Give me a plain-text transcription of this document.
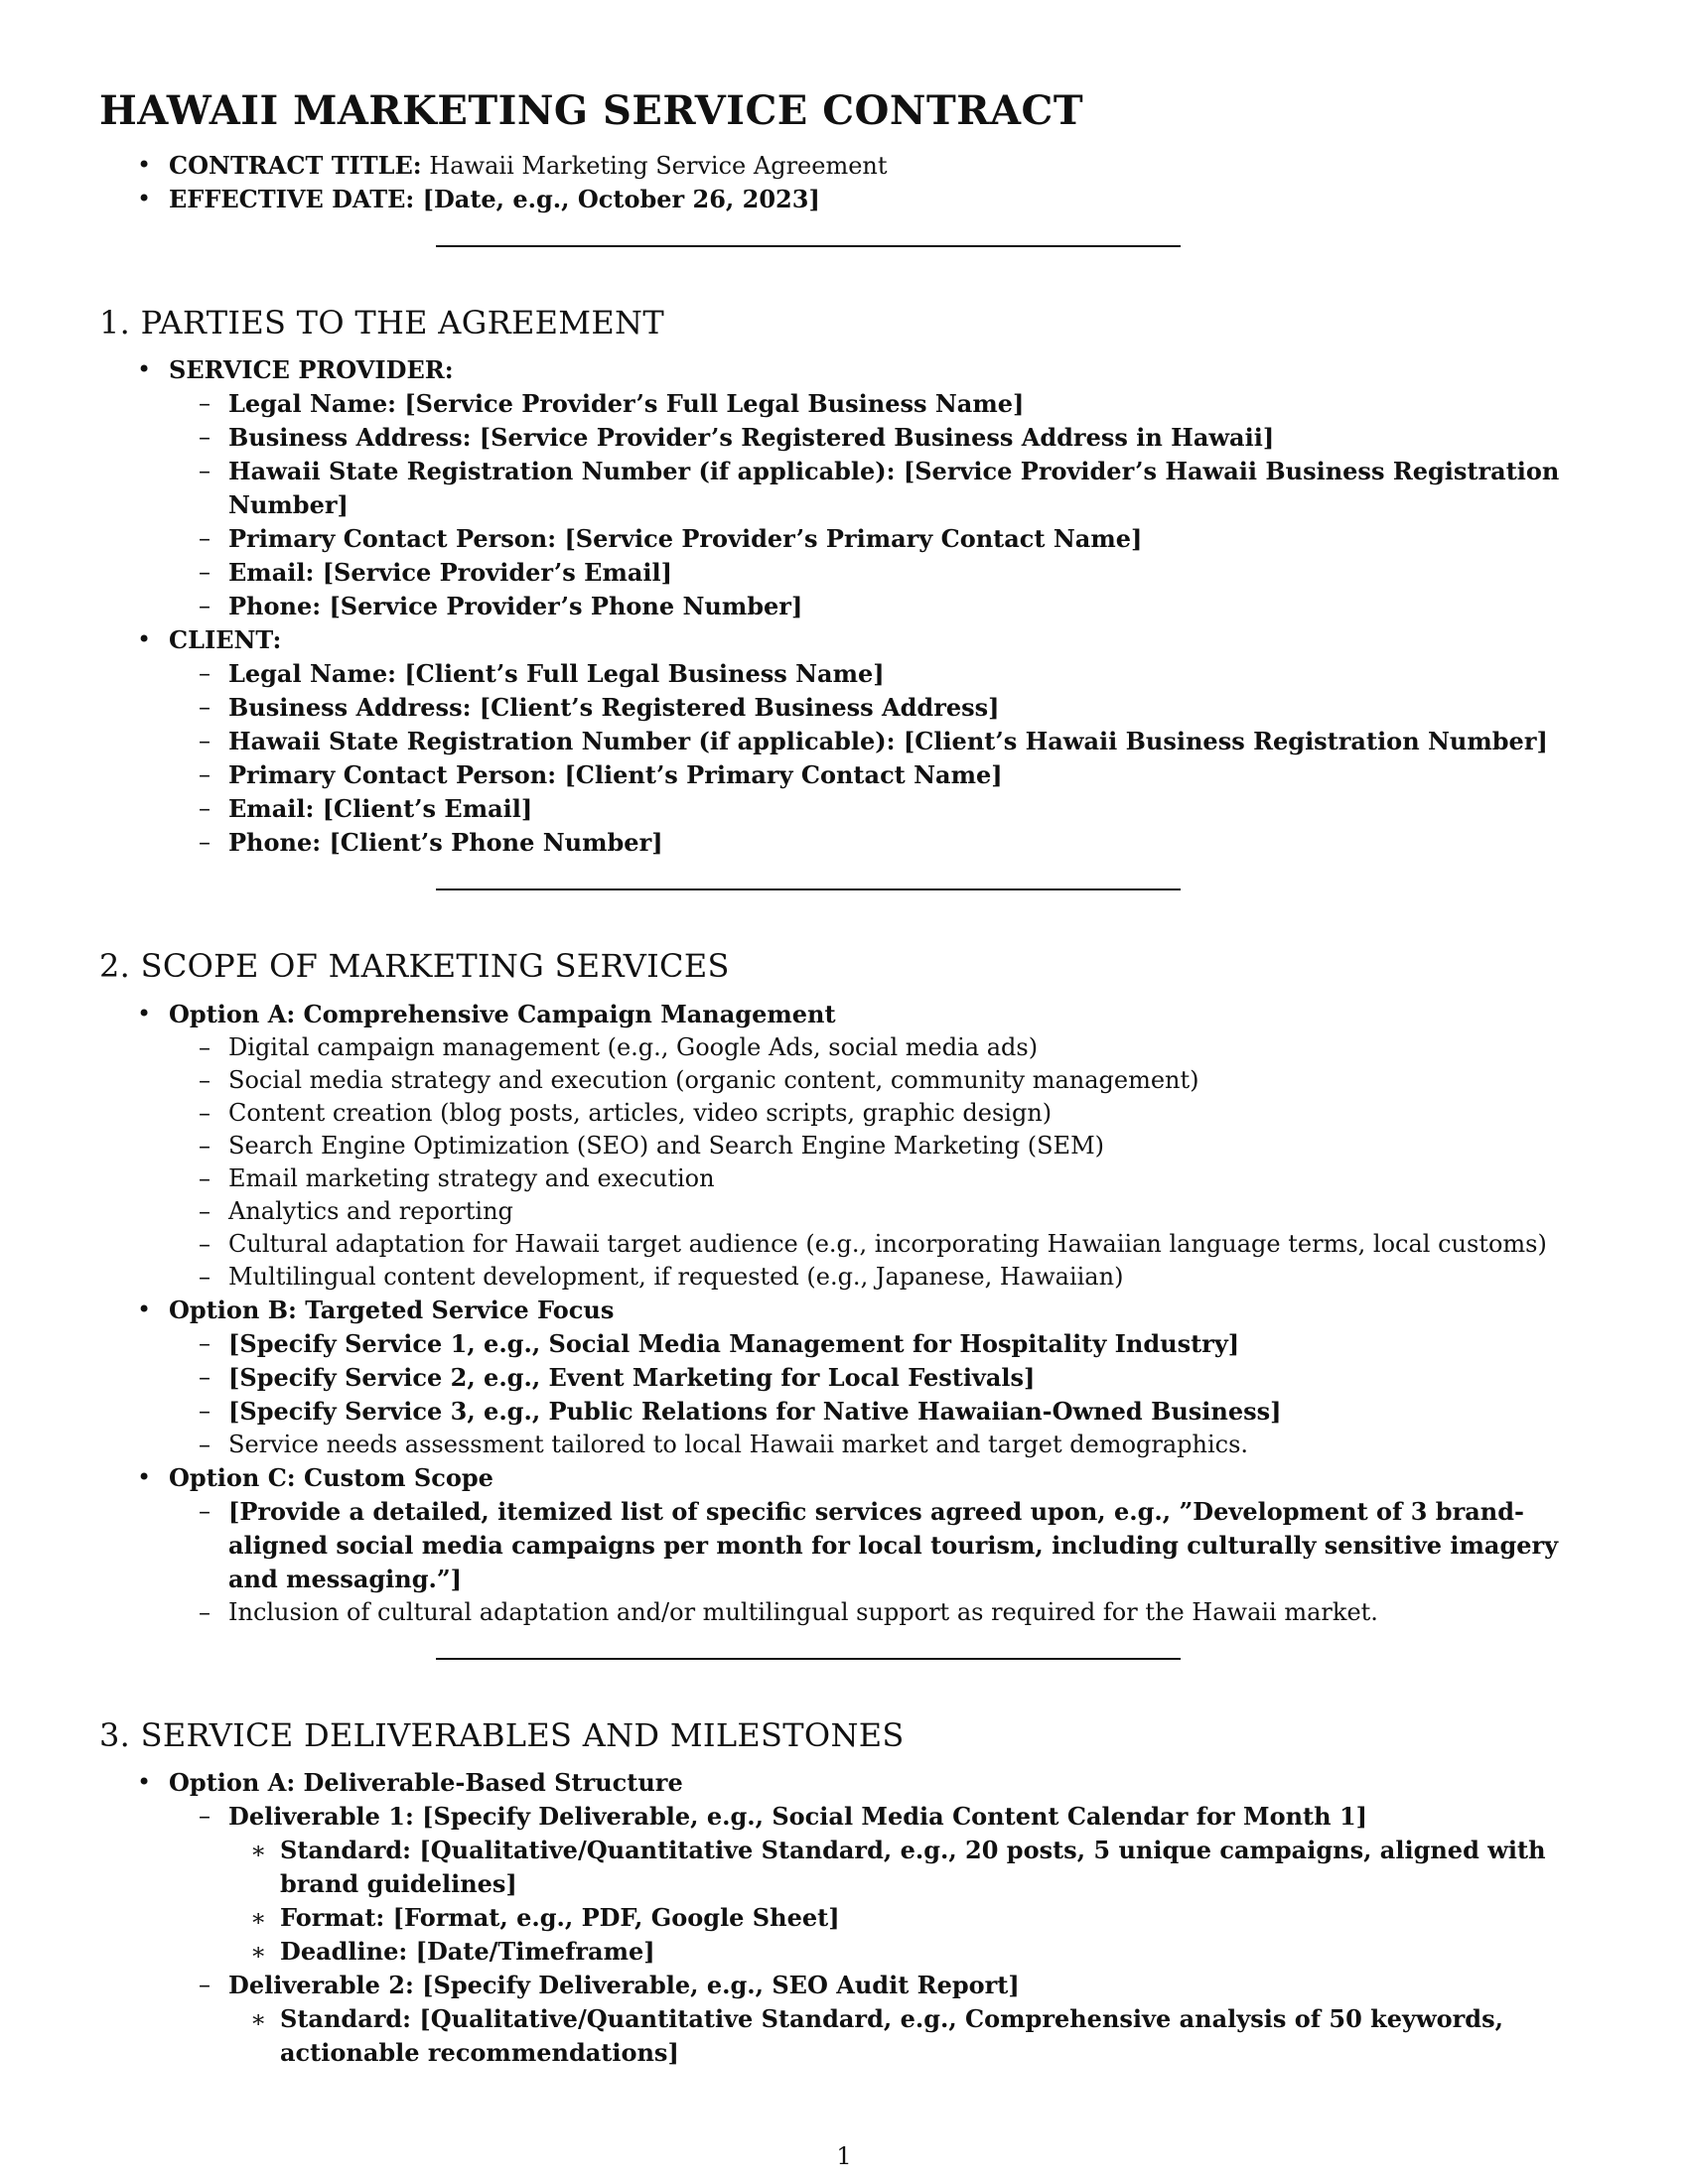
HAWAII MARKETING SERVICE CONTRACT
• CONTRACT TITLE: Hawaii Marketing Service Agreement
• EFFECTIVE DATE: [Date, e.g., October 26, 2023]
1. PARTIES TO THE AGREEMENT
• SERVICE PROVIDER:
– Legal Name: [Service Provider’s Full Legal Business Name]
– Business Address: [Service Provider’s Registered Business Address in Hawaii]
– Hawaii State Registration Number (if applicable): [Service Provider’s Hawaii Business Registration Number]
– Primary Contact Person: [Service Provider’s Primary Contact Name]
– Email: [Service Provider’s Email]
– Phone: [Service Provider’s Phone Number]
• CLIENT:
– Legal Name: [Client’s Full Legal Business Name]
– Business Address: [Client’s Registered Business Address]
– Hawaii State Registration Number (if applicable): [Client’s Hawaii Business Registration Number]
– Primary Contact Person: [Client’s Primary Contact Name]
– Email: [Client’s Email]
– Phone: [Client’s Phone Number]
2. SCOPE OF MARKETING SERVICES
• Option A: Comprehensive Campaign Management
– Digital campaign management (e.g., Google Ads, social media ads)
– Social media strategy and execution (organic content, community management)
– Content creation (blog posts, articles, video scripts, graphic design)
– Search Engine Optimization (SEO) and Search Engine Marketing (SEM)
– Email marketing strategy and execution
– Analytics and reporting
– Cultural adaptation for Hawaii target audience (e.g., incorporating Hawaiian language terms, local customs)
– Multilingual content development, if requested (e.g., Japanese, Hawaiian)
• Option B: Targeted Service Focus
– [Specify Service 1, e.g., Social Media Management for Hospitality Industry]
– [Specify Service 2, e.g., Event Marketing for Local Festivals]
– [Specify Service 3, e.g., Public Relations for Native Hawaiian-Owned Business]
– Service needs assessment tailored to local Hawaii market and target demographics.
• Option C: Custom Scope
– [Provide a detailed, itemized list of specific services agreed upon, e.g., ”Development of 3 brand-aligned social media campaigns per month for local tourism, including culturally sensitive imagery and messaging.”]
– Inclusion of cultural adaptation and/or multilingual support as required for the Hawaii market.
3. SERVICE DELIVERABLES AND MILESTONES
• Option A: Deliverable-Based Structure
– Deliverable 1: [Specify Deliverable, e.g., Social Media Content Calendar for Month 1]
∗ Standard: [Qualitative/Quantitative Standard, e.g., 20 posts, 5 unique campaigns, aligned with brand guidelines]
∗ Format: [Format, e.g., PDF, Google Sheet]
∗ Deadline: [Date/Timeframe]
– Deliverable 2: [Specify Deliverable, e.g., SEO Audit Report]
∗ Standard: [Qualitative/Quantitative Standard, e.g., Comprehensive analysis of 50 keywords, actionable recommendations]
1
